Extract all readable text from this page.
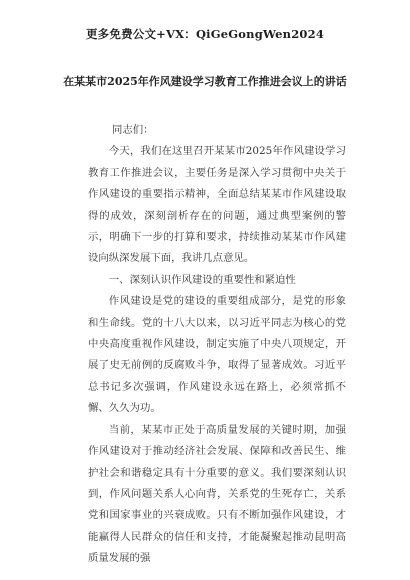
更多免费公文+VX：QiGeGongWen2024
在某某市2025年作风建设学习教育工作推进会议上的讲话

同志们：

今天，我们在这里召开某某市2025年作风建设学习教育工作推进会议，主要任务是深入学习贯彻中央关于作风建设的重要指示精神，全面总结某某市作风建设取得的成效，深刻剖析存在的问题，通过典型案例的警示，明确下一步的打算和要求，持续推动某某市作风建设向纵深发展下面，我讲几点意见。

一、深刻认识作风建设的重要性和紧迫性

作风建设是党的建设的重要组成部分，是党的形象和生命线。党的十八大以来，以习近平同志为核心的党中央高度重视作风建设，制定实施了中央八项规定，开展了史无前例的反腐败斗争，取得了显著成效。习近平总书记多次强调，作风建设永远在路上，必须常抓不懈、久久为功。

当前，某某市正处于高质量发展的关键时期，加强作风建设对于推动经济社会发展、保障和改善民生、维护社会和谐稳定具有十分重要的意义。我们要深刻认识到，作风问题关系人心向背，关系党的生死存亡，关系党和国家事业的兴衰成败。只有不断加强作风建设，才能赢得人民群众的信任和支持，才能凝聚起推动昆明高质量发展的强
